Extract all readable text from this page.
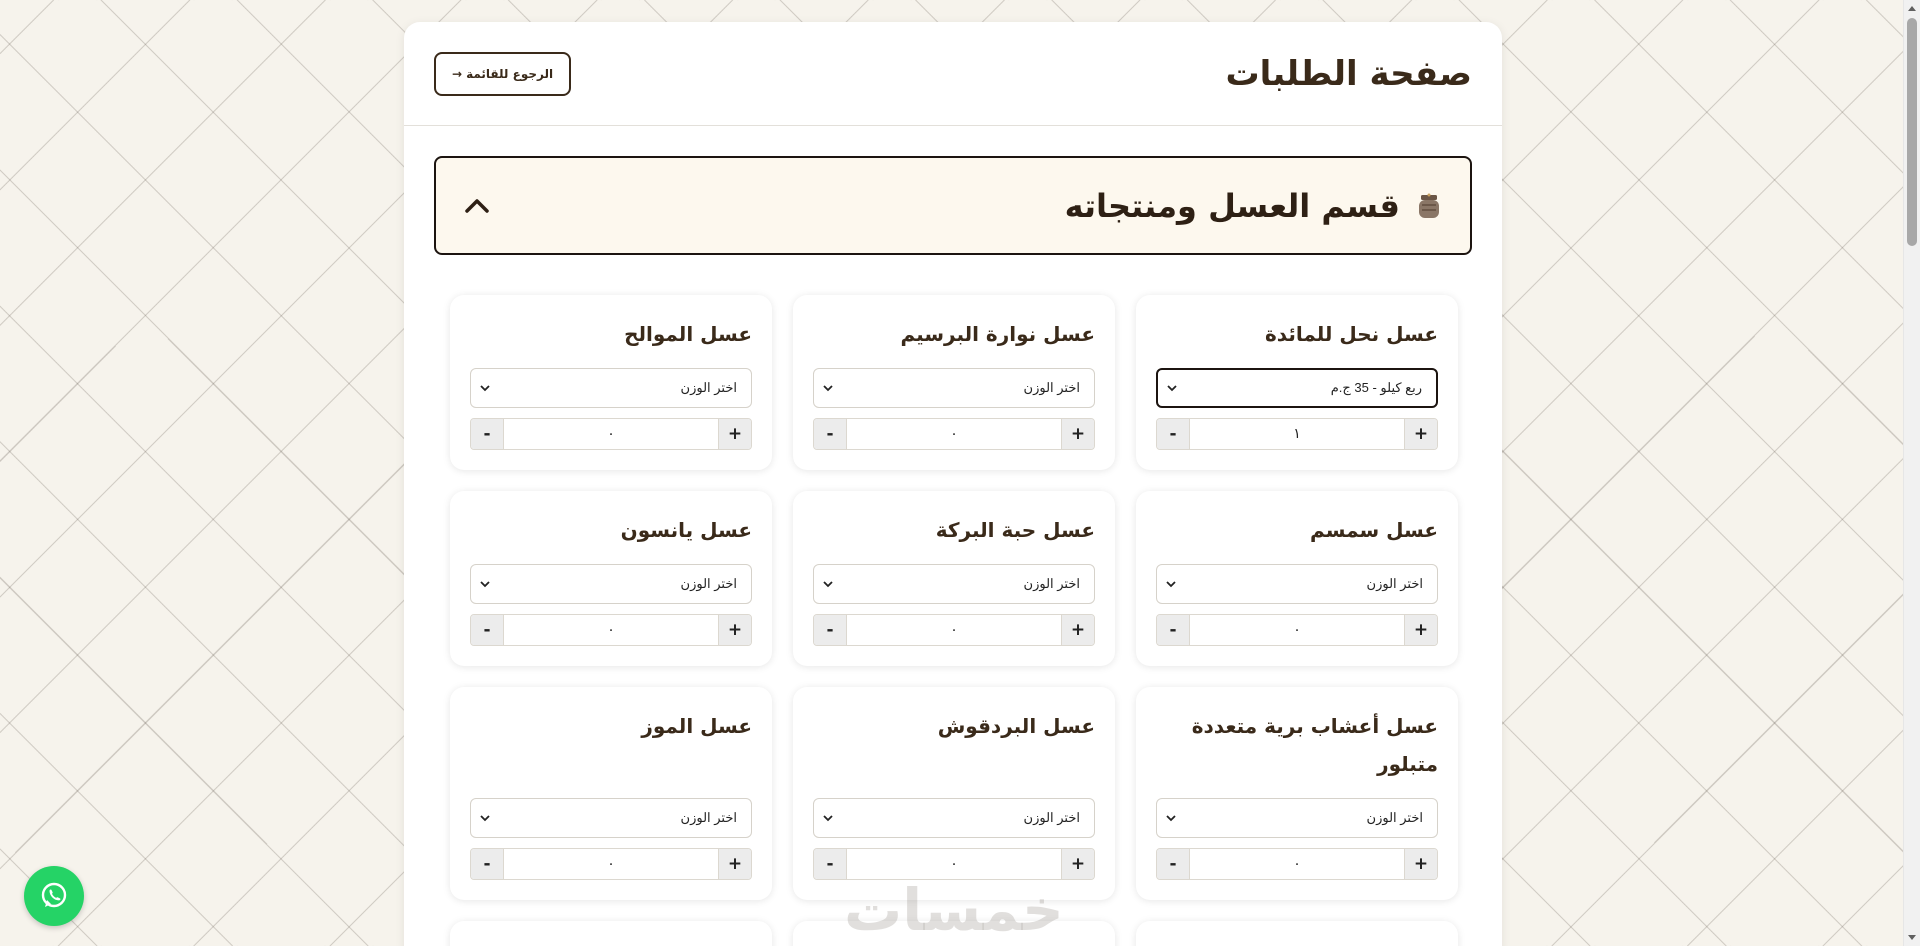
صفحة الطلبات
الرجوع للقائمة
→
قسم العسل ومنتجاته
عسل نحل للمائدة
ربع كيلو - 35 ج.م
+
١
-
عسل نوارة البرسيم
اختر الوزن
+
٠
-
عسل الموالح
اختر الوزن
+
٠
-
عسل سمسم
اختر الوزن
+
٠
-
عسل حبة البركة
اختر الوزن
+
٠
-
عسل يانسون
اختر الوزن
+
٠
-
عسل أعشاب برية متعددة متبلور
اختر الوزن
+
٠
-
عسل البردقوش
اختر الوزن
+
٠
-
عسل الموز
اختر الوزن
+
٠
-
خمسات
